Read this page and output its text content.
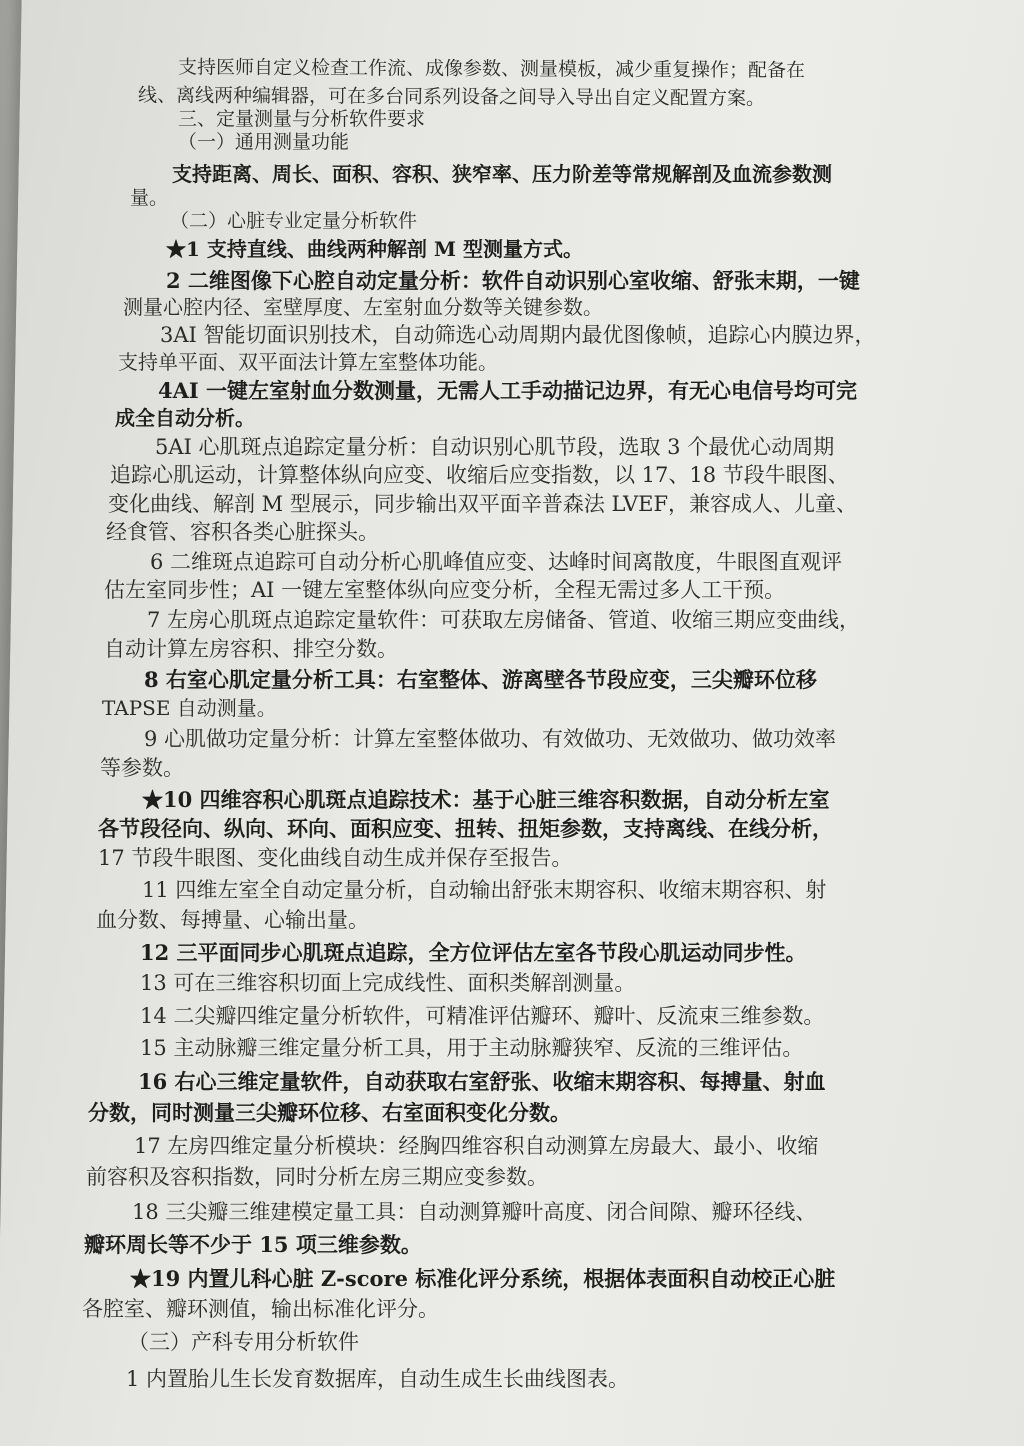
支持医师自定义检查工作流、成像参数、测量模板，减少重复操作；配备在
线、离线两种编辑器，可在多台同系列设备之间导入导出自定义配置方案。
三、定量测量与分析软件要求
（一）通用测量功能
支持距离、周长、面积、容积、狭窄率、压力阶差等常规解剖及血流参数测
量。
（二）心脏专业定量分析软件
★1 支持直线、曲线两种解剖 M 型测量方式。
2 二维图像下心腔自动定量分析：软件自动识别心室收缩、舒张末期，一键
测量心腔内径、室壁厚度、左室射血分数等关键参数。
3AI 智能切面识别技术，自动筛选心动周期内最优图像帧，追踪心内膜边界，
支持单平面、双平面法计算左室整体功能。
4AI 一键左室射血分数测量，无需人工手动描记边界，有无心电信号均可完
成全自动分析。
5AI 心肌斑点追踪定量分析：自动识别心肌节段，选取 3 个最优心动周期
追踪心肌运动，计算整体纵向应变、收缩后应变指数，以 17、18 节段牛眼图、
变化曲线、解剖 M 型展示，同步输出双平面辛普森法 LVEF，兼容成人、儿童、
经食管、容积各类心脏探头。
6 二维斑点追踪可自动分析心肌峰值应变、达峰时间离散度，牛眼图直观评
估左室同步性；AI 一键左室整体纵向应变分析，全程无需过多人工干预。
7 左房心肌斑点追踪定量软件：可获取左房储备、管道、收缩三期应变曲线，
自动计算左房容积、排空分数。
8 右室心肌定量分析工具：右室整体、游离壁各节段应变，三尖瓣环位移
TAPSE 自动测量。
9 心肌做功定量分析：计算左室整体做功、有效做功、无效做功、做功效率
等参数。
★10 四维容积心肌斑点追踪技术：基于心脏三维容积数据，自动分析左室
各节段径向、纵向、环向、面积应变、扭转、扭矩参数，支持离线、在线分析，
17 节段牛眼图、变化曲线自动生成并保存至报告。
11 四维左室全自动定量分析，自动输出舒张末期容积、收缩末期容积、射
血分数、每搏量、心输出量。
12 三平面同步心肌斑点追踪，全方位评估左室各节段心肌运动同步性。
13 可在三维容积切面上完成线性、面积类解剖测量。
14 二尖瓣四维定量分析软件，可精准评估瓣环、瓣叶、反流束三维参数。
15 主动脉瓣三维定量分析工具，用于主动脉瓣狭窄、反流的三维评估。
16 右心三维定量软件，自动获取右室舒张、收缩末期容积、每搏量、射血
分数，同时测量三尖瓣环位移、右室面积变化分数。
17 左房四维定量分析模块：经胸四维容积自动测算左房最大、最小、收缩
前容积及容积指数，同时分析左房三期应变参数。
18 三尖瓣三维建模定量工具：自动测算瓣叶高度、闭合间隙、瓣环径线、
瓣环周长等不少于 15 项三维参数。
★19 内置儿科心脏 Z-score 标准化评分系统，根据体表面积自动校正心脏
各腔室、瓣环测值，输出标准化评分。
（三）产科专用分析软件
1 内置胎儿生长发育数据库，自动生成生长曲线图表。
